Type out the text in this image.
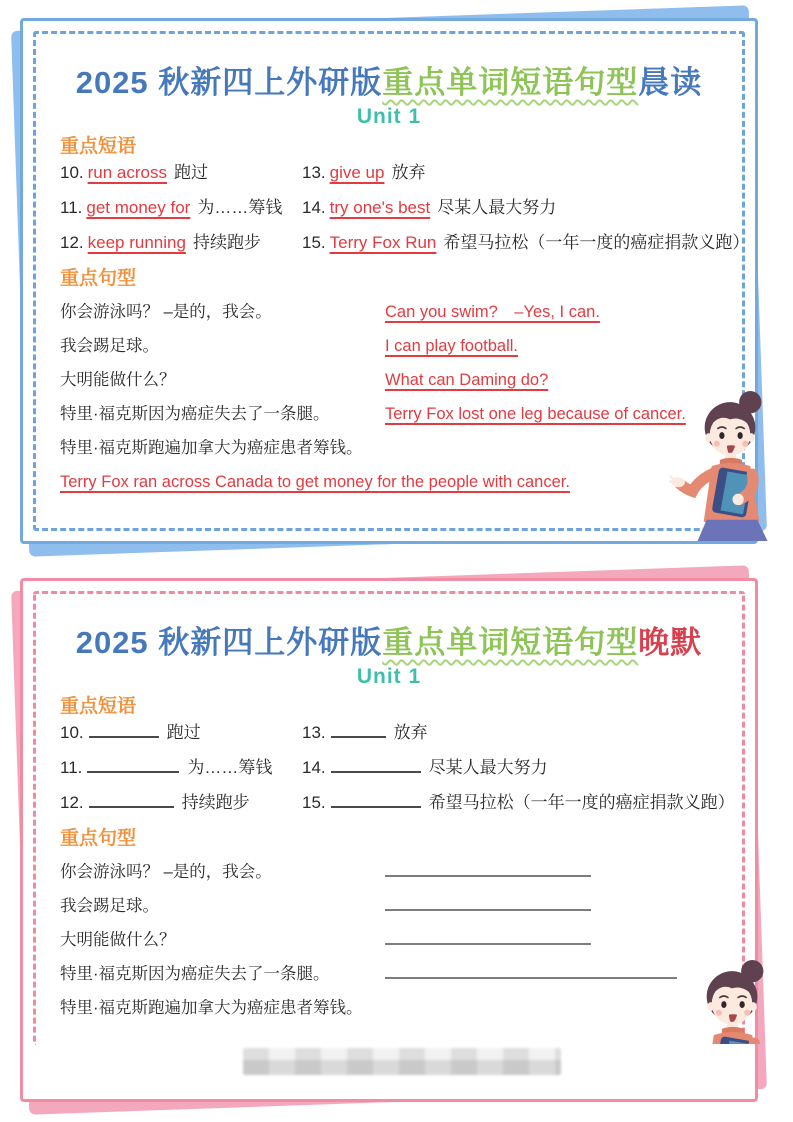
2025 秋新四上外研版重点单词短语句型晨读
Unit 1
重点短语
10. run across 跑过	13. give up 放弃
11. get money for 为……筹钱	14. try one's best 尽某人最大努力
12. keep running 持续跑步	15. Terry Fox Run 希望马拉松（一年一度的癌症捐款义跑）
重点句型
你会游泳吗？ –是的，我会。	Can you swim?　–Yes, I can.
我会踢足球。	I can play football.
大明能做什么？	What can Daming do?
特里·福克斯因为癌症失去了一条腿。	Terry Fox lost one leg because of cancer.
特里·福克斯跑遍加拿大为癌症患者筹钱。
Terry Fox ran across Canada to get money for the people with cancer.
2025 秋新四上外研版重点单词短语句型晚默
Unit 1
重点短语
10.	跑过	13.	放弃
11.	为……筹钱	14.	尽某人最大努力
12.	持续跑步	15.	希望马拉松（一年一度的癌症捐款义跑）
重点句型
你会游泳吗？ –是的，我会。
我会踢足球。
大明能做什么？
特里·福克斯因为癌症失去了一条腿。
特里·福克斯跑遍加拿大为癌症患者筹钱。
